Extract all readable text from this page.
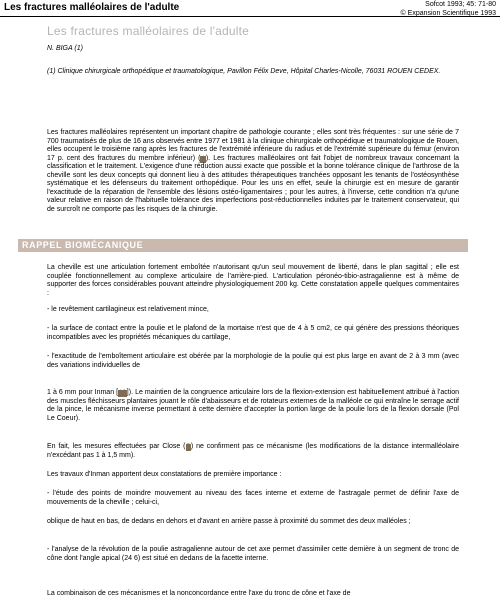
Les fractures malléolaires de l'adulte	Sofcot 1993; 45: 71-80
© Expansion Scientifique 1993
Les fractures malléolaires de l'adulte
N. BIGA (1)
(1) Clinique chirurgicale orthopédique et traumatologique, Pavillon Félix Deve, Hôpital Charles-Nicolle, 76031 ROUEN CEDEX.

Les fractures malléolaires représentent un important chapitre de pathologie courante ; elles sont très fréquentes : sur une série de 7 700 traumatisés de plus de 16 ans observés entre 1977 et 1981 à la clinique chirurgicale orthopédique et traumatologique de Rouen, elles occupent le troisième rang après les fractures de l'extrémité inférieure du radius et de l'extrémité supérieure du fémur (environ 17 p. cent des fractures du membre inférieur) (1). Les fractures malléolaires ont fait l'objet de nombreux travaux concernant la classification et le traitement. L'exigence d'une réduction aussi exacte que possible et la bonne tolérance clinique de l'arthrose de la cheville sont les deux concepts qui donnent lieu à des attitudes thérapeutiques tranchées opposant les tenants de l'ostéosynthèse systématique et les défenseurs du traitement orthopédique. Pour les uns en effet, seule la chirurgie est en mesure de garantir l'exactitude de la réparation de l'ensemble des lésions ostéo-ligamentaires ; pour les autres, à l'inverse, cette condition n'a qu'une valeur relative en raison de l'habituelle tolérance des imperfections post-réductionnelles induites par le traitement conservateur, qui de surcroît ne comporte pas les risques de la chirurgie.

RAPPEL BIOMÉCANIQUE

La cheville est une articulation fortement emboîtée n'autorisant qu'un seul mouvement de liberté, dans le plan sagittal ; elle est couplée fonctionnellement au complexe articulaire de l'arrière-pied. L'articulation péronéo-tibio-astragalienne est à même de supporter des forces considérables pouvant atteindre physiologiquement 200 kg. Cette constatation appelle quelques commentaires :

- le revêtement cartilagineux est relativement mince,

- la surface de contact entre la poulie et le plafond de la mortaise n'est que de 4 à 5 cm2, ce qui génère des pressions théoriques incompatibles avec les propriétés mécaniques du cartilage,

- l'exactitude de l'emboîtement articulaire est obérée par la morphologie de la poulie qui est plus large en avant de 2 à 3 mm (avec des variations individuelles de

1 à 6 mm pour Inman [16]). Le maintien de la congruence articulaire lors de la flexion-extension est habituellement attribué à l'action des muscles fléchisseurs plantaires jouant le rôle d'abaisseurs et de rotateurs externes de la malléole ce qui entraîne le serrage actif de la pince, le mécanisme inverse permettant à cette dernière d'accepter la portion large de la poulie lors de la flexion dorsale (Pol Le Coeur).

En fait, les mesures effectuées par Close (7) ne confirment pas ce mécanisme (les modifications de la distance intermalléolaire n'excédant pas 1 à 1,5 mm).

Les travaux d'Inman apportent deux constatations de première importance :

- l'étude des points de moindre mouvement au niveau des faces interne et externe de l'astragale permet de définir l'axe de mouvements de la cheville ; celui-ci,

oblique de haut en bas, de dedans en dehors et d'avant en arrière passe à proximité du sommet des deux malléoles ;

- l'analyse de la révolution de la poulie astragalienne autour de cet axe permet d'assimiler cette dernière à un segment de tronc de cône dont l'angle apical (24 6) est situé en dedans de la facette interne.

La combinaison de ces mécanismes et la nonconcordance entre l'axe du tronc de cône et l'axe de
